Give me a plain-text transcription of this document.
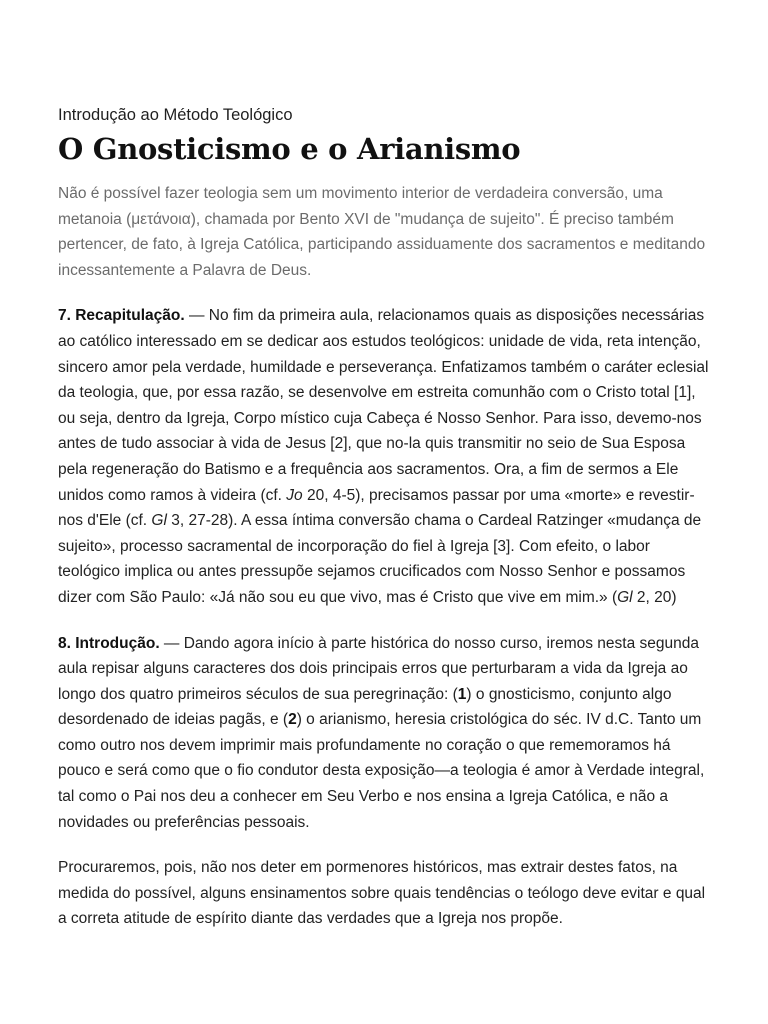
Introdução ao Método Teológico
O Gnosticismo e o Arianismo

Não é possível fazer teologia sem um movimento interior de verdadeira conversão, uma metanoia (μετάνοια), chamada por Bento XVI de "mudança de sujeito". É preciso também pertencer, de fato, à Igreja Católica, participando assiduamente dos sacramentos e meditando incessantemente a Palavra de Deus.

7. Recapitulação. — No fim da primeira aula, relacionamos quais as disposições necessárias ao católico interessado em se dedicar aos estudos teológicos: unidade de vida, reta intenção, sincero amor pela verdade, humildade e perseverança. Enfatizamos também o caráter eclesial da teologia, que, por essa razão, se desenvolve em estreita comunhão com o Cristo total [1], ou seja, dentro da Igreja, Corpo místico cuja Cabeça é Nosso Senhor. Para isso, devemo-nos antes de tudo associar à vida de Jesus [2], que no-la quis transmitir no seio de Sua Esposa pela regeneração do Batismo e a frequência aos sacramentos. Ora, a fim de sermos a Ele unidos como ramos à videira (cf. Jo 20, 4-5), precisamos passar por uma «morte» e revestir-nos d'Ele (cf. Gl 3, 27-28). A essa íntima conversão chama o Cardeal Ratzinger «mudança de sujeito», processo sacramental de incorporação do fiel à Igreja [3]. Com efeito, o labor teológico implica ou antes pressupõe sejamos crucificados com Nosso Senhor e possamos dizer com São Paulo: «Já não sou eu que vivo, mas é Cristo que vive em mim.» (Gl 2, 20)

8. Introdução. — Dando agora início à parte histórica do nosso curso, iremos nesta segunda aula repisar alguns caracteres dos dois principais erros que perturbaram a vida da Igreja ao longo dos quatro primeiros séculos de sua peregrinação: (1) o gnosticismo, conjunto algo desordenado de ideias pagãs, e (2) o arianismo, heresia cristológica do séc. IV d.C. Tanto um como outro nos devem imprimir mais profundamente no coração o que rememoramos há pouco e será como que o fio condutor desta exposição—a teologia é amor à Verdade integral, tal como o Pai nos deu a conhecer em Seu Verbo e nos ensina a Igreja Católica, e não a novidades ou preferências pessoais.

Procuraremos, pois, não nos deter em pormenores históricos, mas extrair destes fatos, na medida do possível, alguns ensinamentos sobre quais tendências o teólogo deve evitar e qual a correta atitude de espírito diante das verdades que a Igreja nos propõe.
